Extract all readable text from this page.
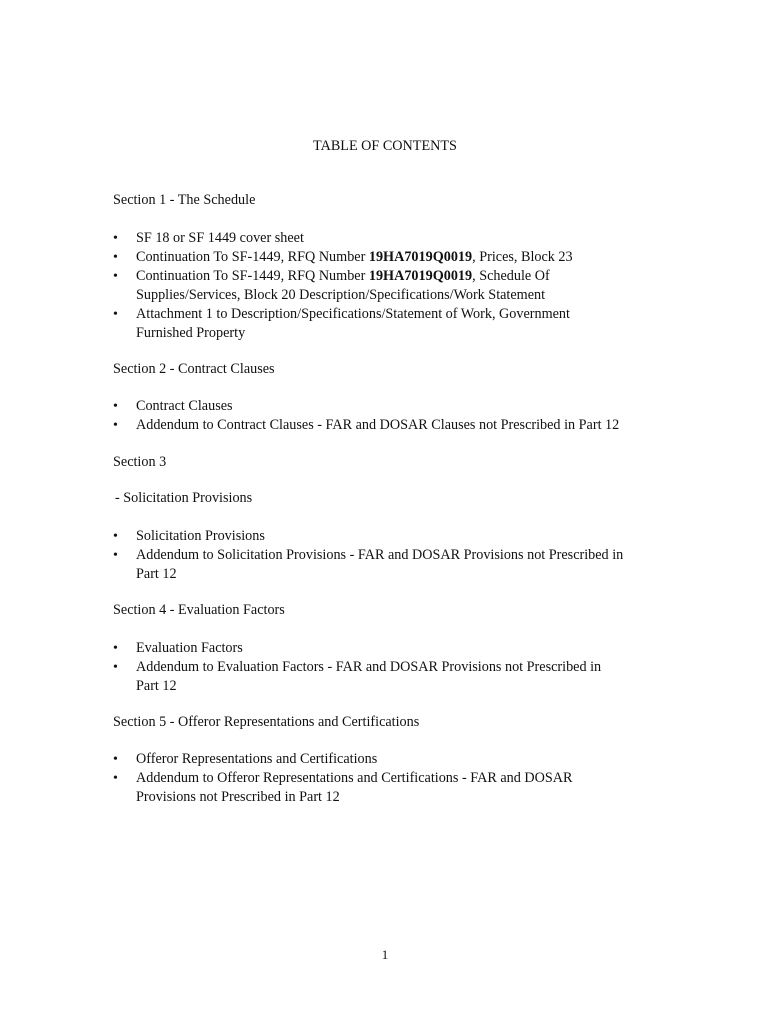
TABLE OF CONTENTS
Section 1 - The Schedule
•	SF 18 or SF 1449 cover sheet
•	Continuation To SF-1449, RFQ Number 19HA7019Q0019, Prices, Block 23
•	Continuation To SF-1449, RFQ Number 19HA7019Q0019, Schedule Of
Supplies/Services, Block 20 Description/Specifications/Work Statement
•	Attachment 1 to Description/Specifications/Statement of Work, Government
Furnished Property
Section 2 - Contract Clauses
•	Contract Clauses
•	Addendum to Contract Clauses - FAR and DOSAR Clauses not Prescribed in Part 12
Section 3
- Solicitation Provisions
•	Solicitation Provisions
•	Addendum to Solicitation Provisions - FAR and DOSAR Provisions not Prescribed in
Part 12
Section 4 - Evaluation Factors
•	Evaluation Factors
•	Addendum to Evaluation Factors - FAR and DOSAR Provisions not Prescribed in
Part 12
Section 5 - Offeror Representations and Certifications
•	Offeror Representations and Certifications
•	Addendum to Offeror Representations and Certifications - FAR and DOSAR
Provisions not Prescribed in Part 12
1
